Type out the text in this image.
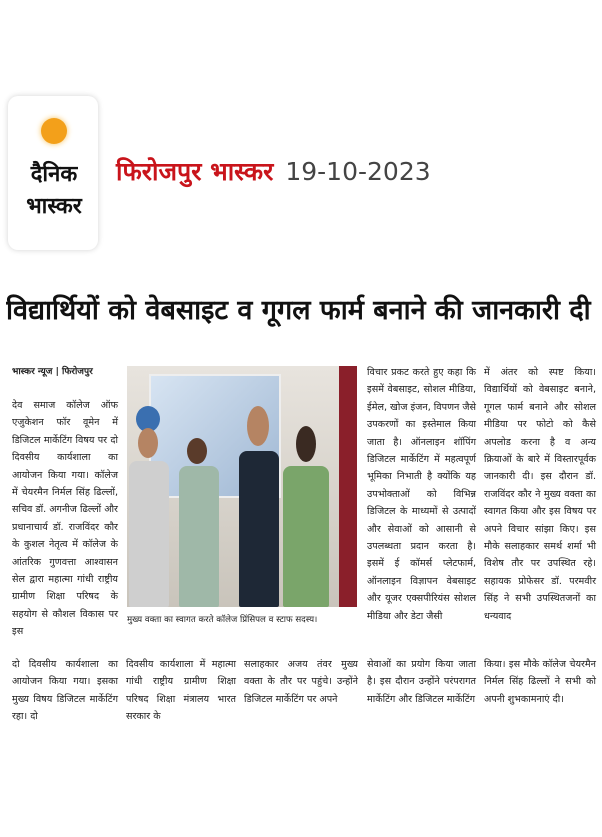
दैनिक
भास्कर
फिरोजपुर भास्कर 19-10-2023
विद्यार्थियों को वेबसाइट व गूगल फार्म बनाने की जानकारी दी
भास्कर न्यूज | फिरोजपुर

देव समाज कॉलेज ऑफ एजुकेशन फॉर वूमेन में डिजिटल मार्केटिंग विषय पर दो दिवसीय कार्यशाला का आयोजन किया गया। कॉलेज में चेयरमैन निर्मल सिंह ढिल्लों, सचिव डॉ. अगनीज ढिल्लों और प्रधानाचार्य डॉ. राजविंदर कौर के कुशल नेतृत्व में कॉलेज के आंतरिक गुणवत्ता आश्वासन सेल द्वारा महात्मा गांधी राष्ट्रीय ग्रामीण शिक्षा परिषद के सहयोग से कौशल विकास पर इस

विचार प्रकट करते हुए कहा कि इसमें वेबसाइट, सोशल मीडिया, ईमेल, खोज इंजन, विपणन जैसे उपकरणों का इस्तेमाल किया जाता है। ऑनलाइन शॉपिंग डिजिटल मार्केटिंग में महत्वपूर्ण भूमिका निभाती है क्योंकि यह उपभोक्ताओं को विभिन्न डिजिटल के माध्यमों से उत्पादों और सेवाओं को आसानी से उपलब्धता प्रदान करता है। इसमें ई कॉमर्स प्लेटफार्म, ऑनलाइन विज्ञापन वेबसाइट और यूजर एक्सपीरियंस सोशल मीडिया और डेटा जैसी

में अंतर को स्पष्ट किया। विद्यार्थियों को वेबसाइट बनाने, गूगल फार्म बनाने और सोशल मीडिया पर फोटो को कैसे अपलोड करना है व अन्य क्रियाओं के बारे में विस्तारपूर्वक जानकारी दी। इस दौरान डॉ. राजविंदर कौर ने मुख्य वक्ता का स्वागत किया और इस विषय पर अपने विचार सांझा किए। इस मौके सलाहकार समर्थ शर्मा भी विशेष तौर पर उपस्थित रहे। सहायक प्रोफेसर डॉ. परमवीर सिंह ने सभी उपस्थितजनों का धन्यवाद

मुख्य वक्ता का स्वागत करते कॉलेज प्रिंसिपल व स्टाफ सदस्य।

दो दिवसीय कार्यशाला का आयोजन किया गया। इसका मुख्य विषय डिजिटल मार्केटिंग रहा। दो

दिवसीय कार्यशाला में महात्मा गांधी राष्ट्रीय ग्रामीण शिक्षा परिषद शिक्षा मंत्रालय भारत सरकार के

सलाहकार अजय तंवर मुख्य वक्ता के तौर पर पहुंचे। उन्होंने डिजिटल मार्केटिंग पर अपने

सेवाओं का प्रयोग किया जाता है। इस दौरान उन्होंने परंपरागत मार्केटिंग और डिजिटल मार्केटिंग

किया। इस मौके कॉलेज चेयरमैन निर्मल सिंह ढिल्लों ने सभी को अपनी शुभकामनाएं दी।
